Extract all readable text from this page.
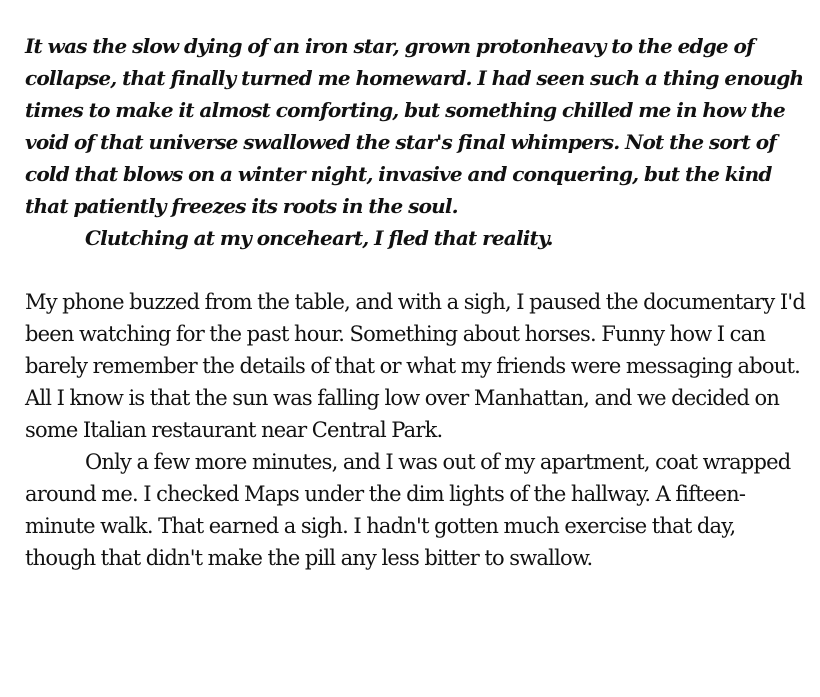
It was the slow dying of an iron star, grown protonheavy to the edge of collapse, that finally turned me homeward. I had seen such a thing enough times to make it almost comforting, but something chilled me in how the void of that universe swallowed the star's final whimpers. Not the sort of cold that blows on a winter night, invasive and conquering, but the kind that patiently freezes its roots in the soul.

Clutching at my onceheart, I fled that reality.

My phone buzzed from the table, and with a sigh, I paused the documentary I'd been watching for the past hour. Something about horses. Funny how I can barely remember the details of that or what my friends were messaging about. All I know is that the sun was falling low over Manhattan, and we decided on some Italian restaurant near Central Park.

Only a few more minutes, and I was out of my apartment, coat wrapped around me. I checked Maps under the dim lights of the hallway. A fifteen-minute walk. That earned a sigh. I hadn't gotten much exercise that day, though that didn't make the pill any less bitter to swallow.
